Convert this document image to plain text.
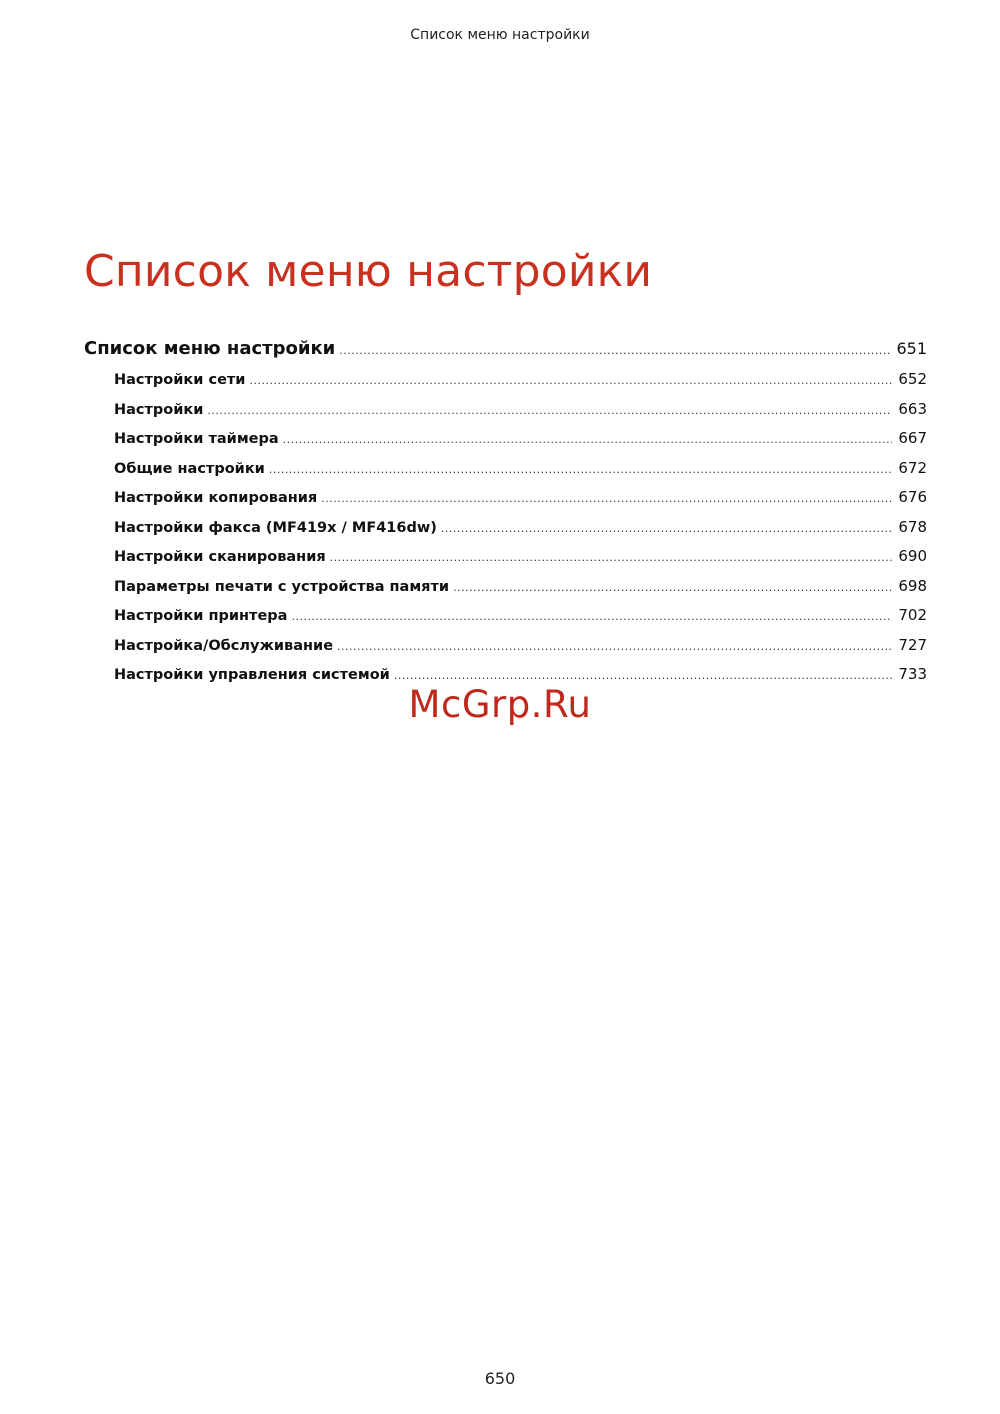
Список меню настройки
Список меню настройки
Список меню настройки .....	651
Настройки сети .....	652
Настройки .....	663
Настройки таймера .....	667
Общие настройки .....	672
Настройки копирования .....	676
Настройки факса (MF419x / MF416dw) .....	678
Настройки сканирования .....	690
Параметры печати с устройства памяти .....	698
Настройки принтера .....	702
Настройка/Обслуживание .....	727
Настройки управления системой .....	733
McGrp.Ru
650
